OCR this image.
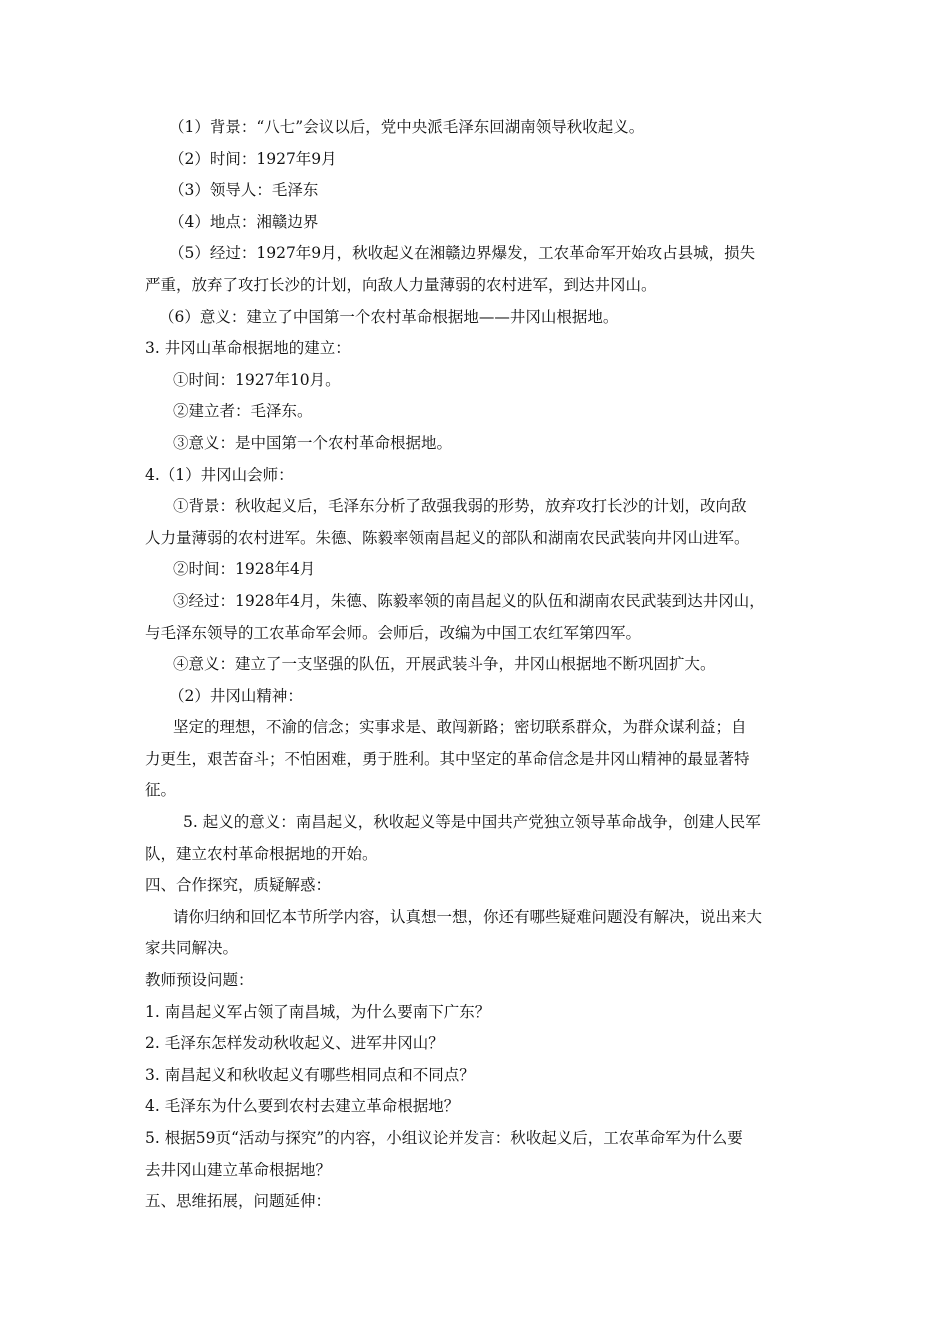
（1）背景：“八七”会议以后，党中央派毛泽东回湖南领导秋收起义。
（2）时间：1927年9月
（3）领导人：毛泽东
（4）地点：湘赣边界
（5）经过：1927年9月，秋收起义在湘赣边界爆发，工农革命军开始攻占县城，损失
严重，放弃了攻打长沙的计划，向敌人力量薄弱的农村进军，到达井冈山。
（6）意义：建立了中国第一个农村革命根据地——井冈山根据地。
3. 井冈山革命根据地的建立：
①时间：1927年10月。
②建立者：毛泽东。
③意义：是中国第一个农村革命根据地。
4.（1）井冈山会师：
①背景：秋收起义后，毛泽东分析了敌强我弱的形势，放弃攻打长沙的计划，改向敌
人力量薄弱的农村进军。朱德、陈毅率领南昌起义的部队和湖南农民武装向井冈山进军。
②时间：1928年4月
③经过：1928年4月，朱德、陈毅率领的南昌起义的队伍和湖南农民武装到达井冈山，
与毛泽东领导的工农革命军会师。会师后，改编为中国工农红军第四军。
④意义：建立了一支坚强的队伍，开展武装斗争，井冈山根据地不断巩固扩大。
（2）井冈山精神：
坚定的理想，不渝的信念；实事求是、敢闯新路；密切联系群众，为群众谋利益；自
力更生，艰苦奋斗；不怕困难，勇于胜利。其中坚定的革命信念是井冈山精神的最显著特
征。
5. 起义的意义：南昌起义，秋收起义等是中国共产党独立领导革命战争，创建人民军
队，建立农村革命根据地的开始。
四、合作探究，质疑解惑：
请你归纳和回忆本节所学内容，认真想一想，你还有哪些疑难问题没有解决，说出来大
家共同解决。
教师预设问题：
1. 南昌起义军占领了南昌城，为什么要南下广东？
2. 毛泽东怎样发动秋收起义、进军井冈山？
3. 南昌起义和秋收起义有哪些相同点和不同点？
4. 毛泽东为什么要到农村去建立革命根据地？
5. 根据59页“活动与探究”的内容，小组议论并发言：秋收起义后，工农革命军为什么要
去井冈山建立革命根据地？
五、思维拓展，问题延伸：
